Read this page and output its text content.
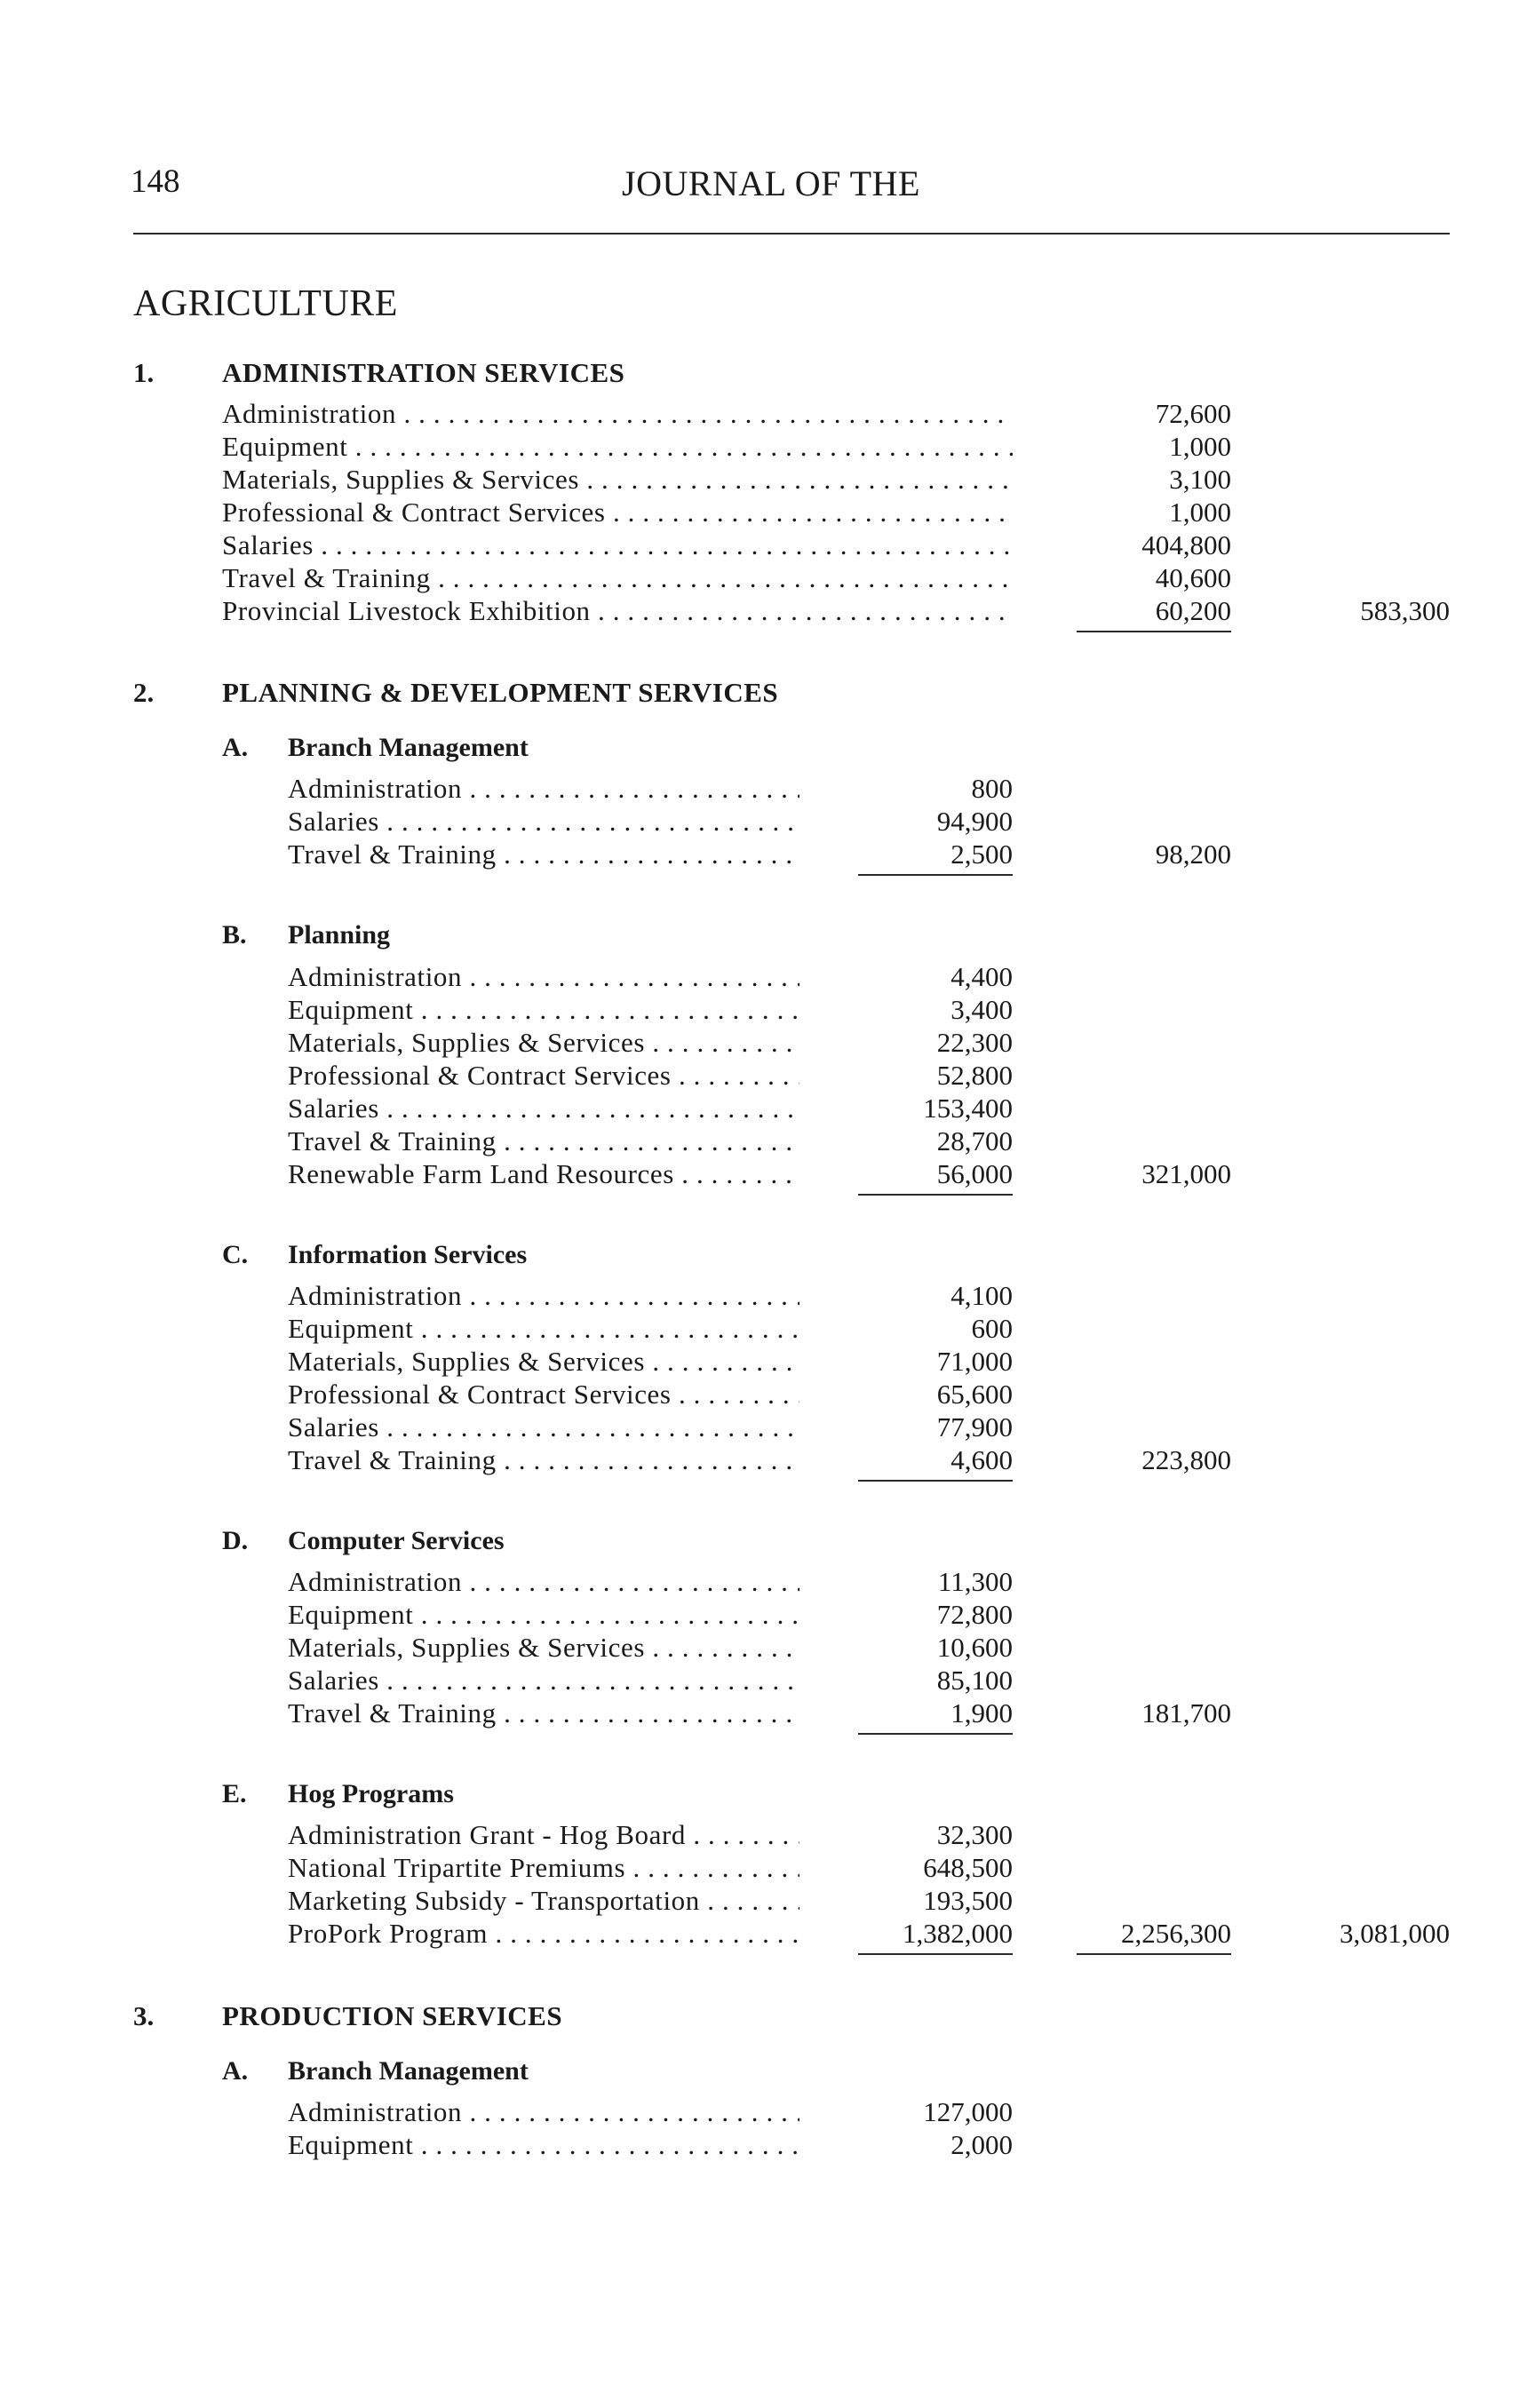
148	JOURNAL OF THE
AGRICULTURE
1. ADMINISTRATION SERVICES
Administration . . .	72,600
Equipment . . .	1,000
Materials, Supplies & Services . . .	3,100
Professional & Contract Services . . .	1,000
Salaries . . .	404,800
Travel & Training . . .	40,600
Provincial Livestock Exhibition . . .	60,200	583,300
2. PLANNING & DEVELOPMENT SERVICES
A. Branch Management
Administration . . .	800
Salaries . . .	94,900
Travel & Training . . .	2,500	98,200
B. Planning
Administration . . .	4,400
Equipment . . .	3,400
Materials, Supplies & Services . . .	22,300
Professional & Contract Services . . .	52,800
Salaries . . .	153,400
Travel & Training . . .	28,700
Renewable Farm Land Resources . . .	56,000	321,000
C. Information Services
Administration . . .	4,100
Equipment . . .	600
Materials, Supplies & Services . . .	71,000
Professional & Contract Services . . .	65,600
Salaries . . .	77,900
Travel & Training . . .	4,600	223,800
D. Computer Services
Administration . . .	11,300
Equipment . . .	72,800
Materials, Supplies & Services . . .	10,600
Salaries . . .	85,100
Travel & Training . . .	1,900	181,700
E. Hog Programs
Administration Grant - Hog Board . . .	32,300
National Tripartite Premiums . . .	648,500
Marketing Subsidy - Transportation . . .	193,500
ProPork Program . . .	1,382,000	2,256,300	3,081,000
3. PRODUCTION SERVICES
A. Branch Management
Administration . . .	127,000
Equipment . . .	2,000
